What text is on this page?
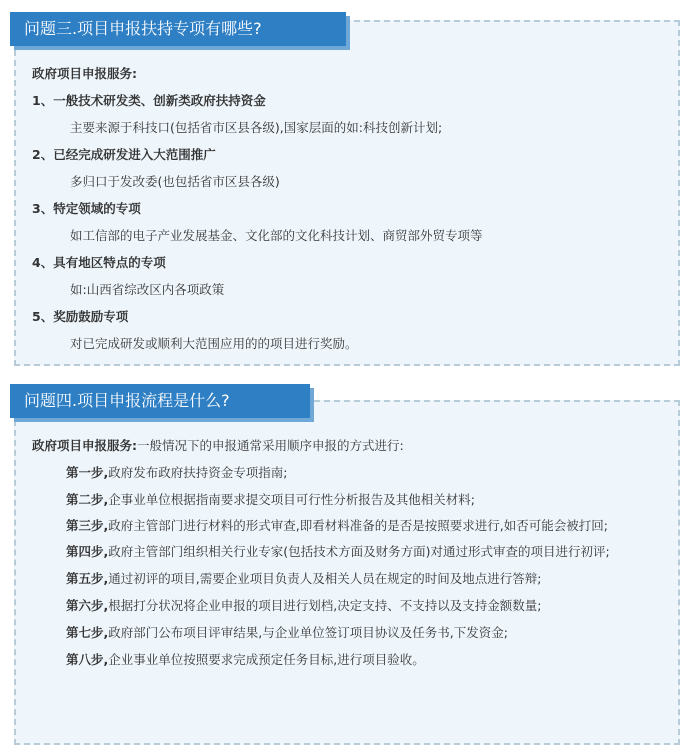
问题三.项目申报扶持专项有哪些?
政府项目申报服务:
1、一般技术研发类、创新类政府扶持资金
主要来源于科技口(包括省市区县各级),国家层面的如:科技创新计划;
2、已经完成研发进入大范围推广
多归口于发改委(也包括省市区县各级)
3、特定领域的专项
如工信部的电子产业发展基金、文化部的文化科技计划、商贸部外贸专项等
4、具有地区特点的专项
如:山西省综改区内各项政策
5、奖励鼓励专项
对已完成研发或顺利大范围应用的的项目进行奖励。
问题四.项目申报流程是什么?
政府项目申报服务:一般情况下的申报通常采用顺序申报的方式进行:

第一步,政府发布政府扶持资金专项指南;

第二步,企事业单位根据指南要求提交项目可行性分析报告及其他相关材料;

第三步,政府主管部门进行材料的形式审查,即看材料准备的是否是按照要求进行,如否可能会被打回;

第四步,政府主管部门组织相关行业专家(包括技术方面及财务方面)对通过形式审查的项目进行初评;

第五步,通过初评的项目,需要企业项目负责人及相关人员在规定的时间及地点进行答辩;

第六步,根据打分状况将企业申报的项目进行划档,决定支持、不支持以及支持金额数量;

第七步,政府部门公布项目评审结果,与企业单位签订项目协议及任务书,下发资金;

第八步,企业事业单位按照要求完成预定任务目标,进行项目验收。
